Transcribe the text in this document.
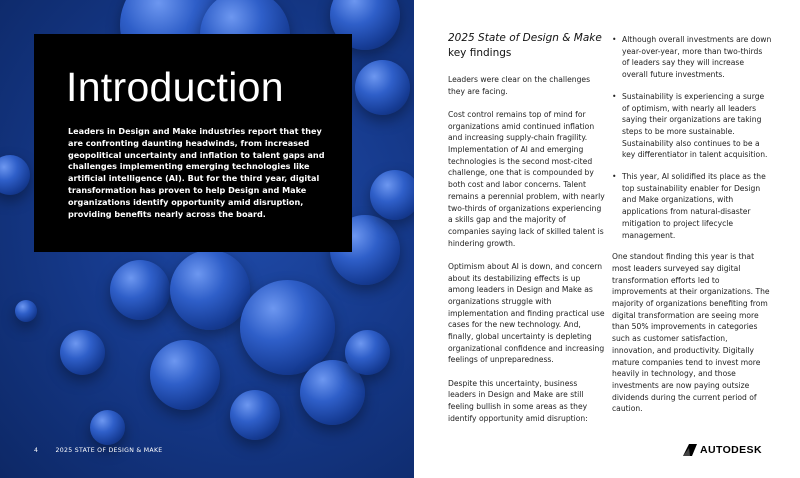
Introduction

Leaders in Design and Make industries report that they are confronting daunting headwinds, from increased geopolitical uncertainty and inflation to talent gaps and challenges implementing emerging technologies like artificial intelligence (AI). But for the third year, digital transformation has proven to help Design and Make organizations identify opportunity amid disruption, providing benefits nearly across the board.

4	2025 STATE OF DESIGN & MAKE
2025 State of Design & Make key findings

Leaders were clear on the challenges they are facing.

Cost control remains top of mind for organizations amid continued inflation and increasing supply-chain fragility. Implementation of AI and emerging technologies is the second most-cited challenge, one that is compounded by both cost and labor concerns. Talent remains a perennial problem, with nearly two-thirds of organizations experiencing a skills gap and the majority of companies saying lack of skilled talent is hindering growth.

Optimism about AI is down, and concern about its destabilizing effects is up among leaders in Design and Make as organizations struggle with implementation and finding practical use cases for the new technology. And, finally, global uncertainty is depleting organizational confidence and increasing feelings of unpreparedness.

Despite this uncertainty, business leaders in Design and Make are still feeling bullish in some areas as they identify opportunity amid disruption:

• Although overall investments are down year-over-year, more than two-thirds of leaders say they will increase overall future investments.
• Sustainability is experiencing a surge of optimism, with nearly all leaders saying their organizations are taking steps to be more sustainable. Sustainability also continues to be a key differentiator in talent acquisition.
• This year, AI solidified its place as the top sustainability enabler for Design and Make organizations, with applications from natural-disaster mitigation to project lifecycle management.

One standout finding this year is that most leaders surveyed say digital transformation efforts led to improvements at their organizations. The majority of organizations benefiting from digital transformation are seeing more than 50% improvements in categories such as customer satisfaction, innovation, and productivity. Digitally mature companies tend to invest more heavily in technology, and those investments are now paying outsize dividends during the current period of caution.

AUTODESK
